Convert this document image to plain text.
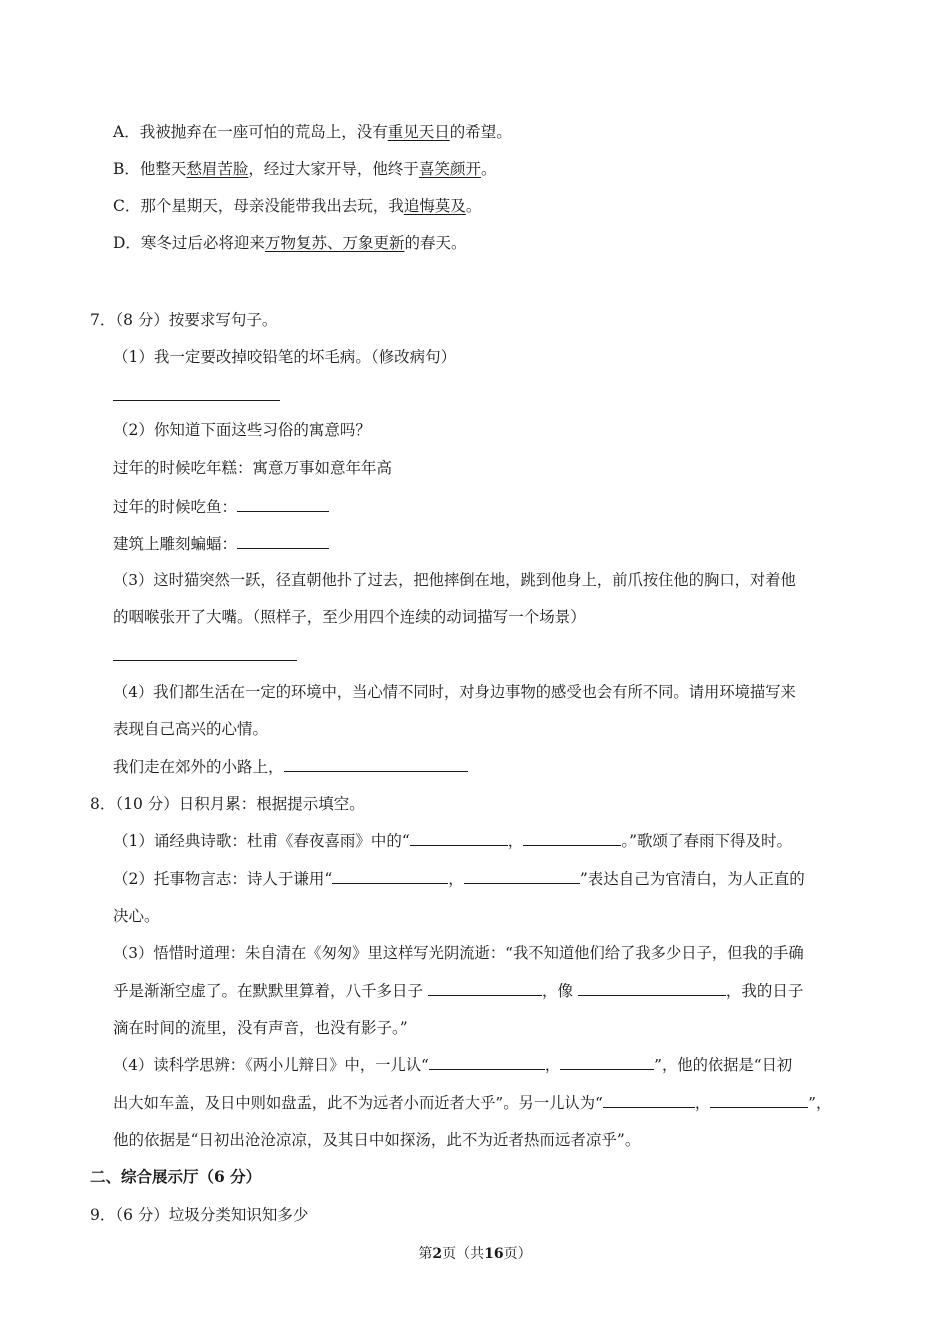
A．我被抛弃在一座可怕的荒岛上，没有重见天日的希望。
B．他整天愁眉苦脸，经过大家开导，他终于喜笑颜开。
C．那个星期天，母亲没能带我出去玩，我追悔莫及。
D．寒冬过后必将迎来万物复苏、万象更新的春天。
7．（8 分）按要求写句子。
（1）我一定要改掉咬铅笔的坏毛病。（修改病句）
（2）你知道下面这些习俗的寓意吗？
过年的时候吃年糕：寓意万事如意年年高
过年的时候吃鱼：
建筑上雕刻蝙蝠：
（3）这时猫突然一跃，径直朝他扑了过去，把他摔倒在地，跳到他身上，前爪按住他的胸口，对着他
的咽喉张开了大嘴。（照样子，至少用四个连续的动词描写一个场景）
（4）我们都生活在一定的环境中，当心情不同时，对身边事物的感受也会有所不同。请用环境描写来
表现自己高兴的心情。
我们走在郊外的小路上，
8．（10 分）日积月累：根据提示填空。
（1）诵经典诗歌：杜甫《春夜喜雨》中的“	，	。”歌颂了春雨下得及时。
（2）托事物言志：诗人于谦用“	，	”表达自己为官清白，为人正直的
决心。
（3）悟惜时道理：朱自清在《匆匆》里这样写光阴流逝：“我不知道他们给了我多少日子，但我的手确
乎是渐渐空虚了。在默默里算着，八千多日子	，像	，我的日子
滴在时间的流里，没有声音，也没有影子。”
（4）读科学思辨：《两小儿辩日》中，一儿认“	，	”，他的依据是“日初
出大如车盖，及日中则如盘盂，此不为远者小而近者大乎”。另一儿认为“	，	”，
他的依据是“日初出沧沧凉凉，及其日中如探汤，此不为近者热而远者凉乎”。
二、综合展示厅（6 分）
9．（6 分）垃圾分类知识知多少
第2页（共16页）
